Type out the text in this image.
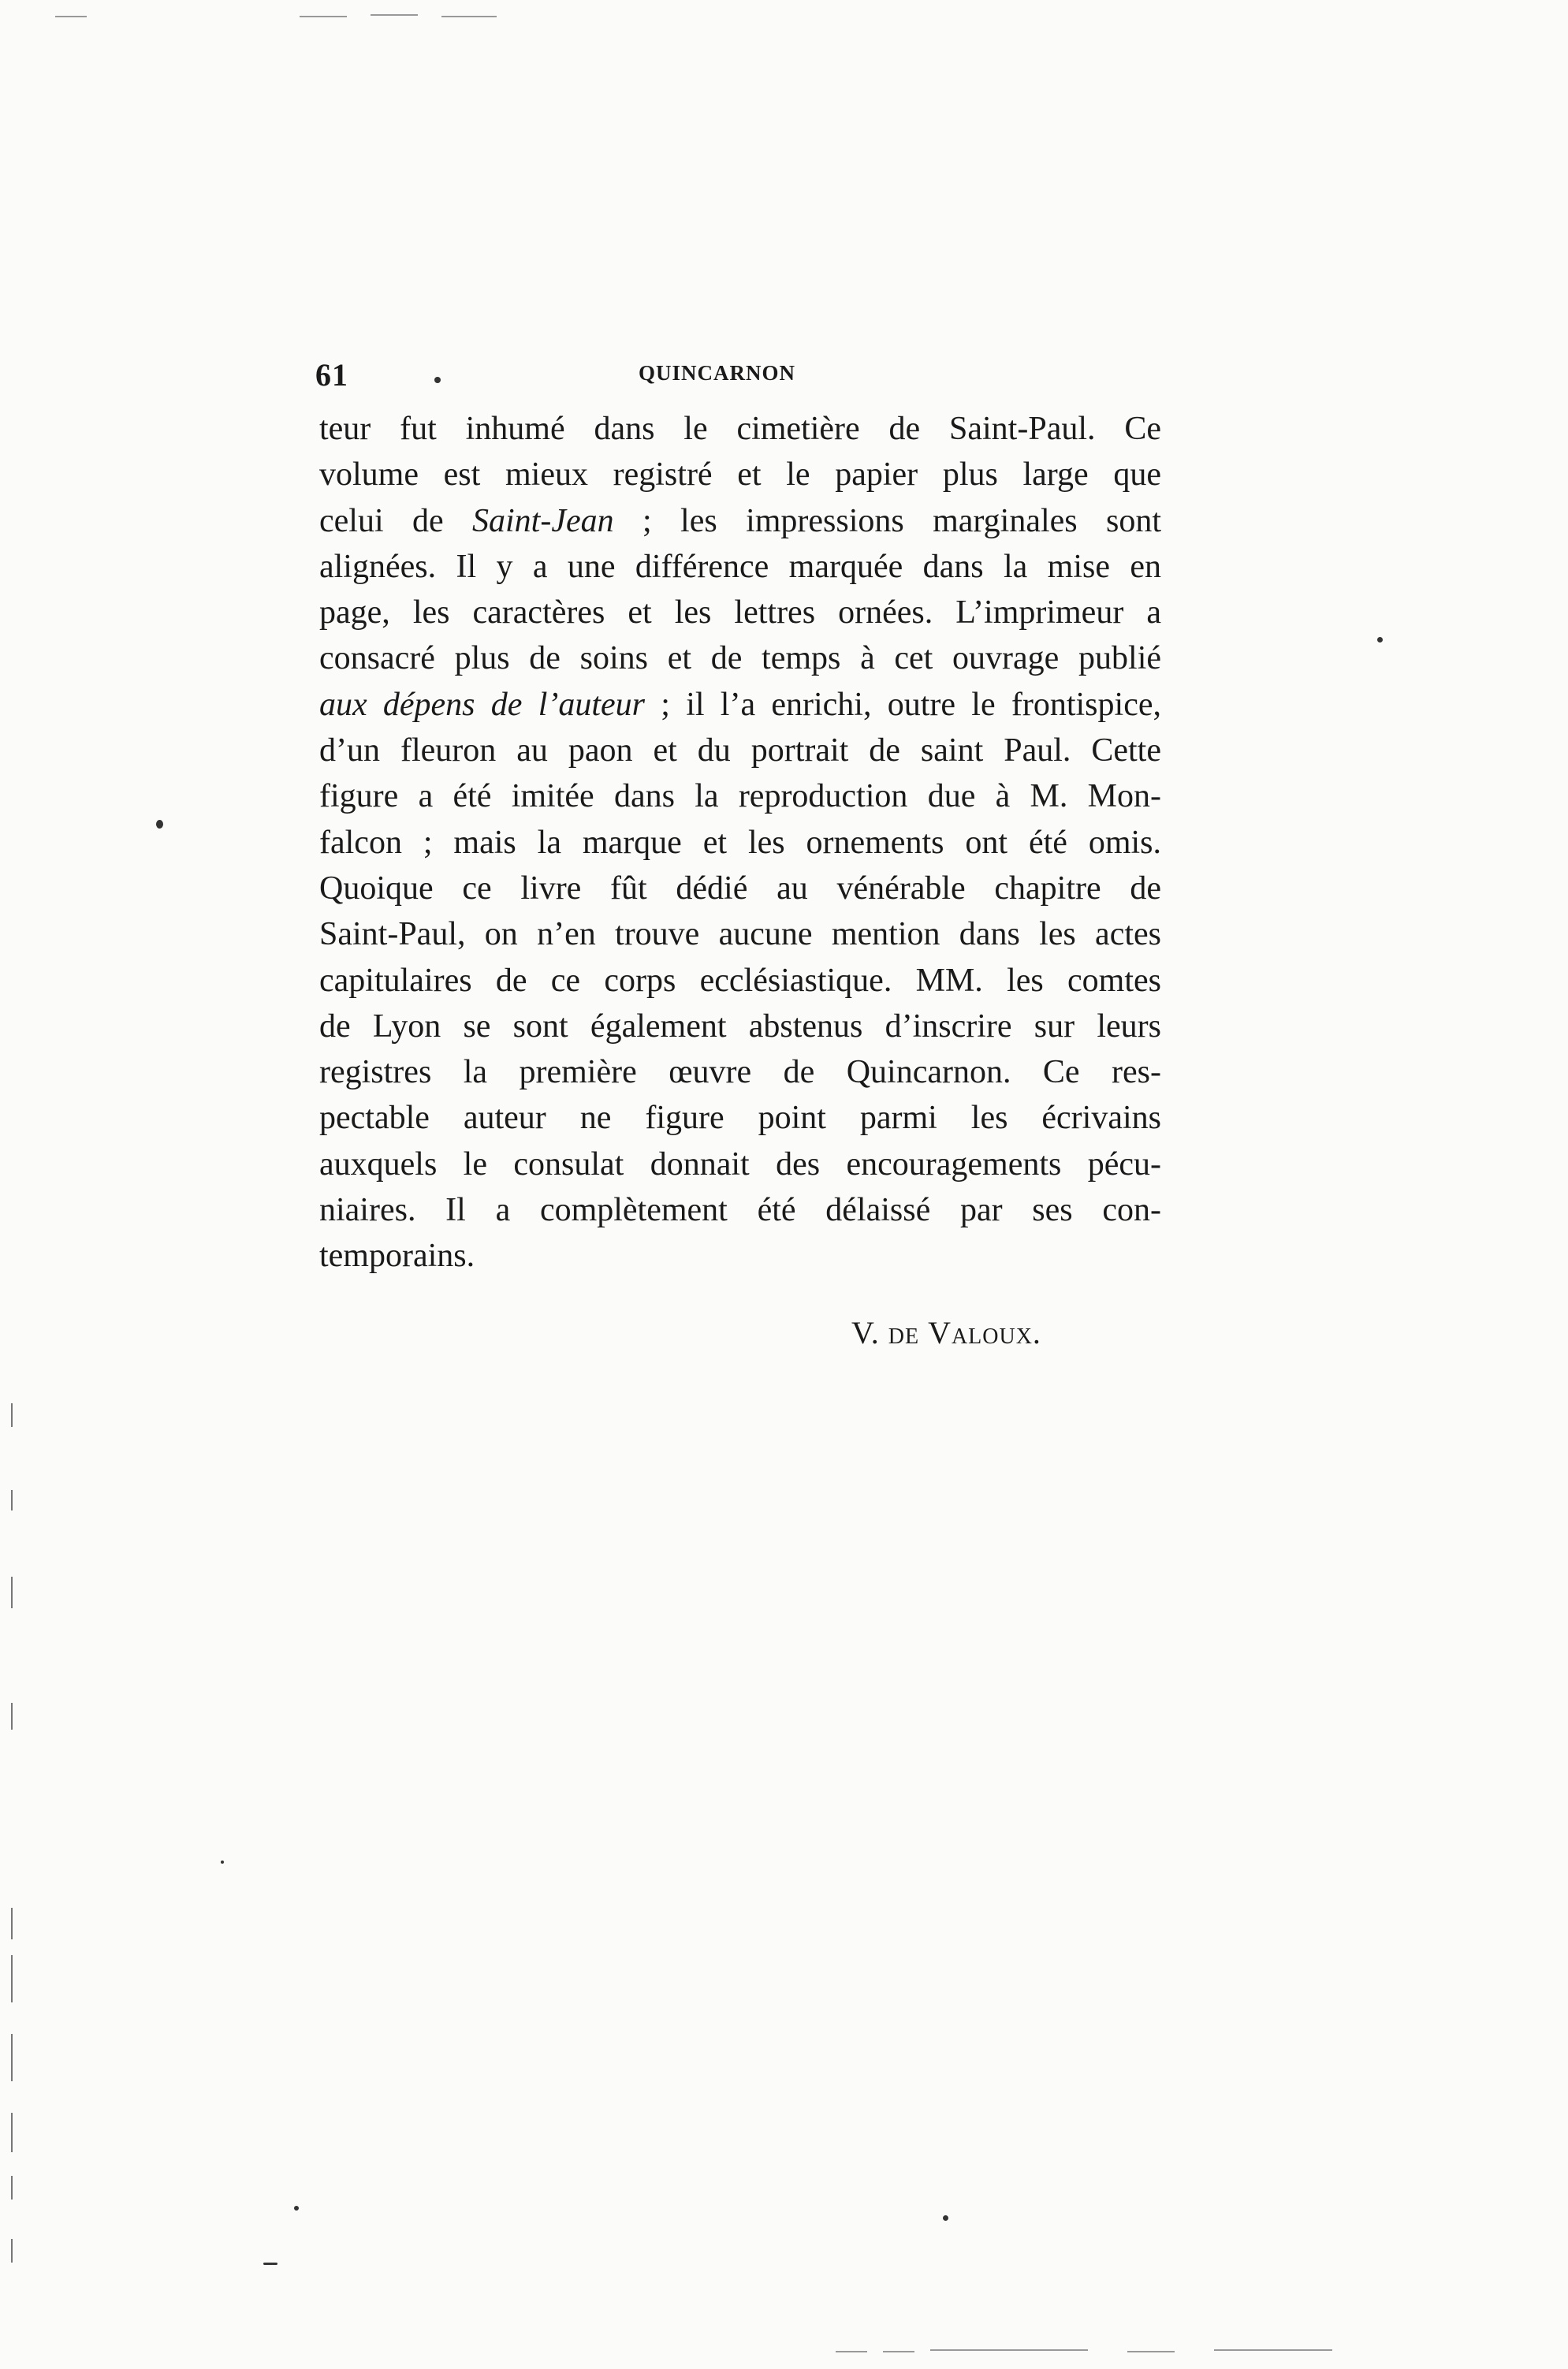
61	QUINCARNON
teur fut inhumé dans le cimetière de Saint-Paul. Ce
volume est mieux registré et le papier plus large que
celui de Saint-Jean ; les impressions marginales sont
alignées. Il y a une différence marquée dans la mise en
page, les caractères et les lettres ornées. L’imprimeur a
consacré plus de soins et de temps à cet ouvrage publié
aux dépens de l’auteur ; il l’a enrichi, outre le frontispice,
d’un fleuron au paon et du portrait de saint Paul. Cette
figure a été imitée dans la reproduction due à M. Mon-
falcon ; mais la marque et les ornements ont été omis.
Quoique ce livre fût dédié au vénérable chapitre de
Saint-Paul, on n’en trouve aucune mention dans les actes
capitulaires de ce corps ecclésiastique. MM. les comtes
de Lyon se sont également abstenus d’inscrire sur leurs
registres la première œuvre de Quincarnon. Ce res-
pectable auteur ne figure point parmi les écrivains
auxquels le consulat donnait des encouragements pécu-
niaires. Il a complètement été délaissé par ses con-
temporains.
V. de Valoux.
